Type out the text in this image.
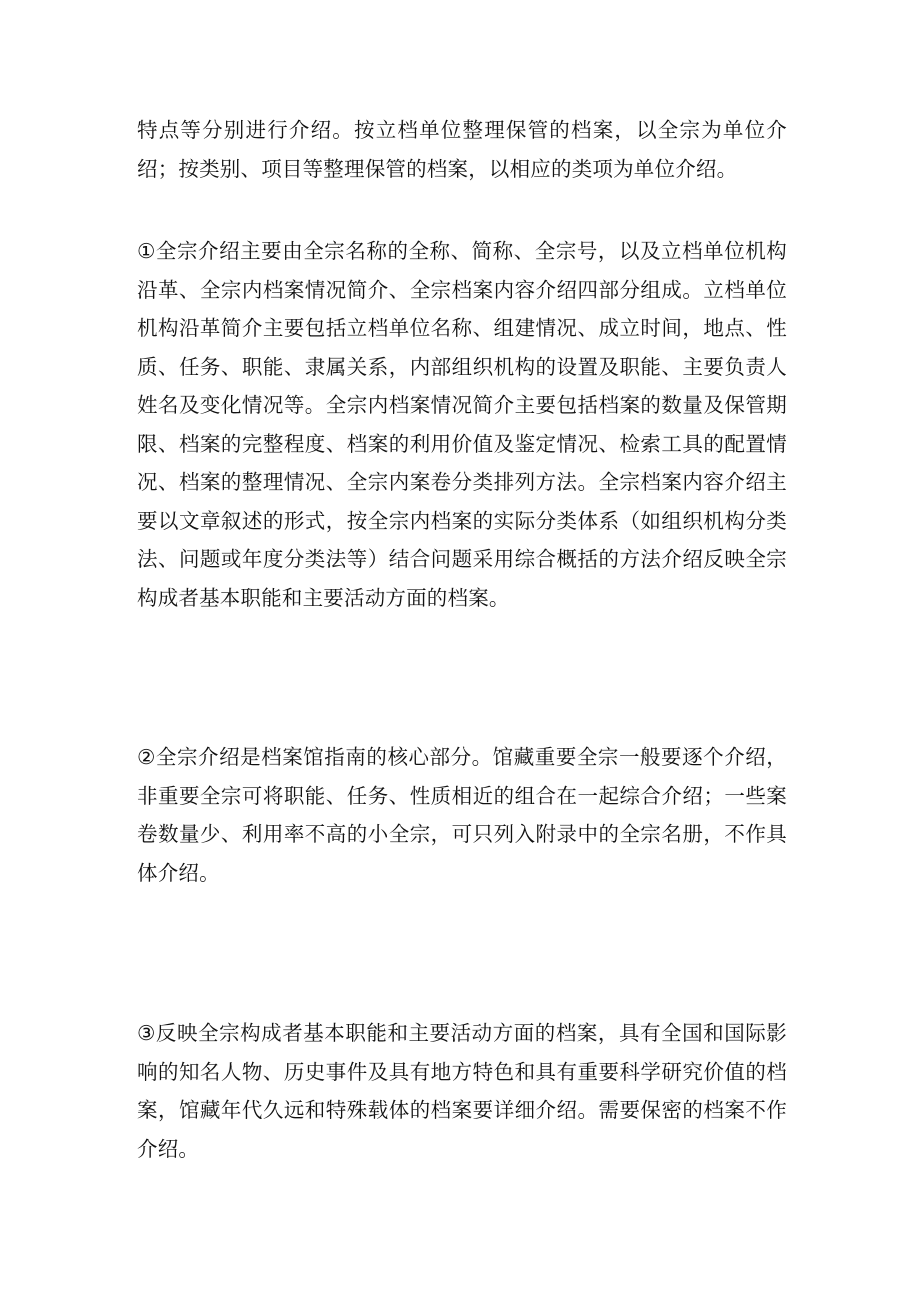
特点等分别进行介绍。按立档单位整理保管的档案，以全宗为单位介绍；按类别、项目等整理保管的档案，以相应的类项为单位介绍。

①全宗介绍主要由全宗名称的全称、简称、全宗号，以及立档单位机构沿革、全宗内档案情况简介、全宗档案内容介绍四部分组成。立档单位机构沿革简介主要包括立档单位名称、组建情况、成立时间，地点、性质、任务、职能、隶属关系，内部组织机构的设置及职能、主要负责人姓名及变化情况等。全宗内档案情况简介主要包括档案的数量及保管期限、档案的完整程度、档案的利用价值及鉴定情况、检索工具的配置情况、档案的整理情况、全宗内案卷分类排列方法。全宗档案内容介绍主要以文章叙述的形式，按全宗内档案的实际分类体系（如组织机构分类法、问题或年度分类法等）结合问题采用综合概括的方法介绍反映全宗构成者基本职能和主要活动方面的档案。

②全宗介绍是档案馆指南的核心部分。馆藏重要全宗一般要逐个介绍，非重要全宗可将职能、任务、性质相近的组合在一起综合介绍；一些案卷数量少、利用率不高的小全宗，可只列入附录中的全宗名册，不作具体介绍。

③反映全宗构成者基本职能和主要活动方面的档案，具有全国和国际影响的知名人物、历史事件及具有地方特色和具有重要科学研究价值的档案，馆藏年代久远和特殊载体的档案要详细介绍。需要保密的档案不作介绍。
